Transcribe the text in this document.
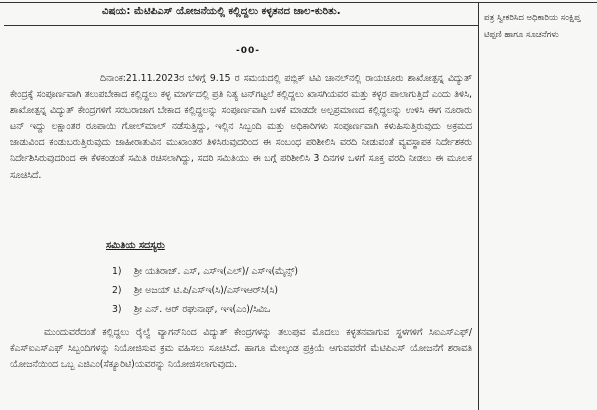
ವಿಷಯ: ಮೆಟಿಪಿಎಸ್ ಯೋಜನೆಯಲ್ಲಿ ಕಲ್ಲಿದ್ದಲು ಕಳ್ಳತನದ ಜಾಲ-ಕುರಿತು.
-00-

ದಿನಾಂಕ:21.11.2023ರ ಬೆಳಿಗ್ಗೆ 9.15 ರ ಸಮಯದಲ್ಲಿ ಪಬ್ಲಿಕ್ ಟಿವಿ ಚಾನಲ್‌ನಲ್ಲಿ ರಾಯಚೂರು ಶಾಖೋತ್ಪನ್ನ ವಿದ್ಯುತ್ ಕೇಂದ್ರಕ್ಕೆ ಸಂಪೂರ್ಣವಾಗಿ ತಲುಪಬೇಕಾದ ಕಲ್ಲಿದ್ದಲು ಕಳ್ಳ ಮಾರ್ಗದಲ್ಲಿ ಪ್ರತಿ ನಿತ್ಯ ಟನ್‌ಗಟ್ಟಲೆ ಕಲ್ಲಿದ್ದಲು ಖಾಸಗಿಯವರ ಮತ್ತು ಕಳ್ಳರ ಪಾಲಾಗುತ್ತಿದೆ ಎಂದು ತಿಳಿಸಿ, ಶಾಖೋತ್ಪನ್ನ ವಿದ್ಯುತ್ ಕೇಂದ್ರಗಳಿಗೆ ಸರಬರಾಜಾಗ ಬೇಕಾದ ಕಲ್ಲಿದ್ದಲನ್ನು ಸಂಪೂರ್ಣವಾಗಿ ಬಳಕೆ ಮಾಡದೇ ಅಲ್ಪಪ್ರಮಾಣದ ಕಲ್ಲಿದ್ದಲನ್ನು ಉಳಿಸಿ ಈಗ ನೂರಾರು ಟನ್ ಇದ್ದು ಲಕ್ಷಾಂತರ ರೂಪಾಯಿ ಗೋಲ್‌ಮಾಲ್ ನಡೆಸುತ್ತಿದ್ದು, ಇಲ್ಲಿನ ಸಿಬ್ಬಂದಿ ಮತ್ತು ಅಧಿಕಾರಿಗಳು ಸಂಪೂರ್ಣವಾಗಿ ಕಳುಹಿಸುತ್ತಿರುವುದು ಅಕ್ರಮದ ಜಾಡುವಿಂದ ಕಂಡುಬರುತ್ತಿರುವುದು ಜಾಹೀರಾತುವಿನ ಮುಖಾಂತರ ತಿಳಿಸಿರುವುದರಿಂದ ಈ ಸಂಬಂಧ ಪರಿಶೀಲಿಸಿ ವರದಿ ನೀಡುವಂತೆ ವ್ಯವಸ್ಥಾಪಕ ನಿರ್ದೇಶಕರು ನಿರ್ದೇಶಿಸಿರುವುದರಿಂದ ಈ ಕೆಳಕಂಡಂತೆ ಸಮಿತಿ ರಚಿಸಲಾಗಿದ್ದು, ಸದರಿ ಸಮಿತಿಯು ಈ ಬಗ್ಗೆ ಪರಿಶೀಲಿಸಿ 3 ದಿನಗಳ ಒಳಗೆ ಸೂಕ್ತ ವರದಿ ನೀಡಲು ಈ ಮೂಲಕ ಸೂಚಿಸಿದೆ.

ಸಮಿತಿಯ ಸದಸ್ಯರು
1)	ಶ್ರೀ ಯತಿರಾಜ್. ಎಸ್, ಎಸ್‌ಇ(ಎಲ್)/ ಎಸ್‌ಇ(ಮೈನ್ಸ್)
2)	ಶ್ರೀ ಅಜಯ್ ಟಿ.ಪಿ/ಎಸ್‌ಇ(ಸಿ)/ಎಸ್‌ಇಆರ್‌ಸಿ(ಸಿ)
3)	ಶ್ರೀ ಎನ್. ಆರ್ ರಘುನಾಥ್, ಇಇ(ಎಂ)/ಸಿವಿಒ

ಮುಂದುವರೆದಂತೆ ಕಲ್ಲಿದ್ದಲು ರೈಲ್ವೆ ವ್ಯಾಗನ್‌ನಿಂದ ವಿದ್ಯುತ್ ಕೇಂದ್ರಗಳನ್ನು ತಲುಪುವ ಮೊದಲು ಕಳ್ಳತನವಾಗುವ ಸ್ಥಳಗಳಿಗೆ ಸಿಐಎಸ್ಎಫ್/ಕೆಎಸ್ಐಎಸ್ಎಫ್ ಸಿಬ್ಬಂದಿಗಳನ್ನು ನಿಯೋಜಿಸುವ ಕ್ರಮ ವಹಿಸಲು ಸೂಚಿಸಿದೆ. ಹಾಗೂ ಮೇಲ್ಕಂಡ ಪ್ರಕ್ರಿಯೆ ಆಗುವವರೆಗೆ ಮೆಟಿಪಿಎಸ್ ಯೋಜನೆಗೆ ಶರಾವತಿ ಯೋಜನೆಯಿಂದ ಒಬ್ಬ ಎಜಿಎಂ(ಸೆಕ್ಯೂರಿಟಿ)ಯವರನ್ನು ನಿಯೋಜಿಸಲಾಗುವುದು.

ಪತ್ರ ಸ್ವೀಕರಿಸಿದ ಅಧಿಕಾರಿಯ ಸಂಕ್ಷಿಪ್ತ ಟಿಪ್ಪಣಿ ಹಾಗೂ ಸೂಚನೆಗಳು
